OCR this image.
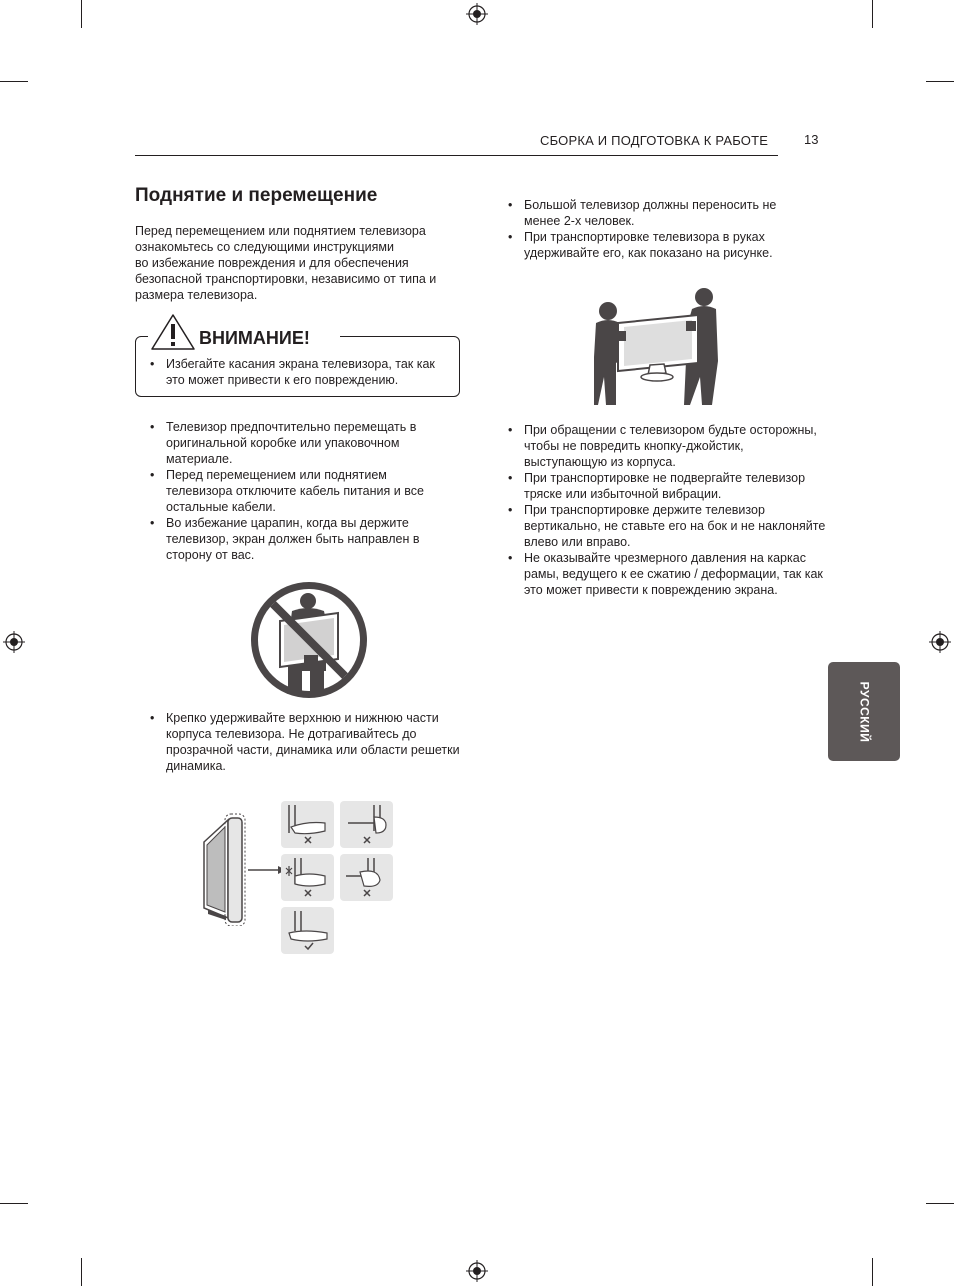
СБОРКА И ПОДГОТОВКА К РАБОТЕ	13
Поднятие и перемещение
Перед перемещением или поднятием телевизора
ознакомьтесь со следующими инструкциями
во избежание повреждения и для обеспечения
безопасной транспортировки, независимо от типа и
размера телевизора.
ВНИМАНИЕ!
• Избегайте касания экрана телевизора, так как это может привести к его повреждению.
• Телевизор предпочтительно перемещать в оригинальной коробке или упаковочном материале.
• Перед перемещением или поднятием телевизора отключите кабель питания и все остальные кабели.
• Во избежание царапин, когда вы держите телевизор, экран должен быть направлен в сторону от вас.
• Крепко удерживайте верхнюю и нижнюю части корпуса телевизора. Не дотрагивайтесь до прозрачной части, динамика или области решетки динамика.
• Большой телевизор должны переносить не менее 2-х человек.
• При транспортировке телевизора в руках удерживайте его, как показано на рисунке.
• При обращении с телевизором будьте осторожны, чтобы не повредить кнопку-джойстик, выступающую из корпуса.
• При транспортировке не подвергайте телевизор тряске или избыточной вибрации.
• При транспортировке держите телевизор вертикально, не ставьте его на бок и не наклоняйте влево или вправо.
• Не оказывайте чрезмерного давления на каркас рамы, ведущего к ее сжатию / деформации, так как это может привести к повреждению экрана.
РУССКИЙ
